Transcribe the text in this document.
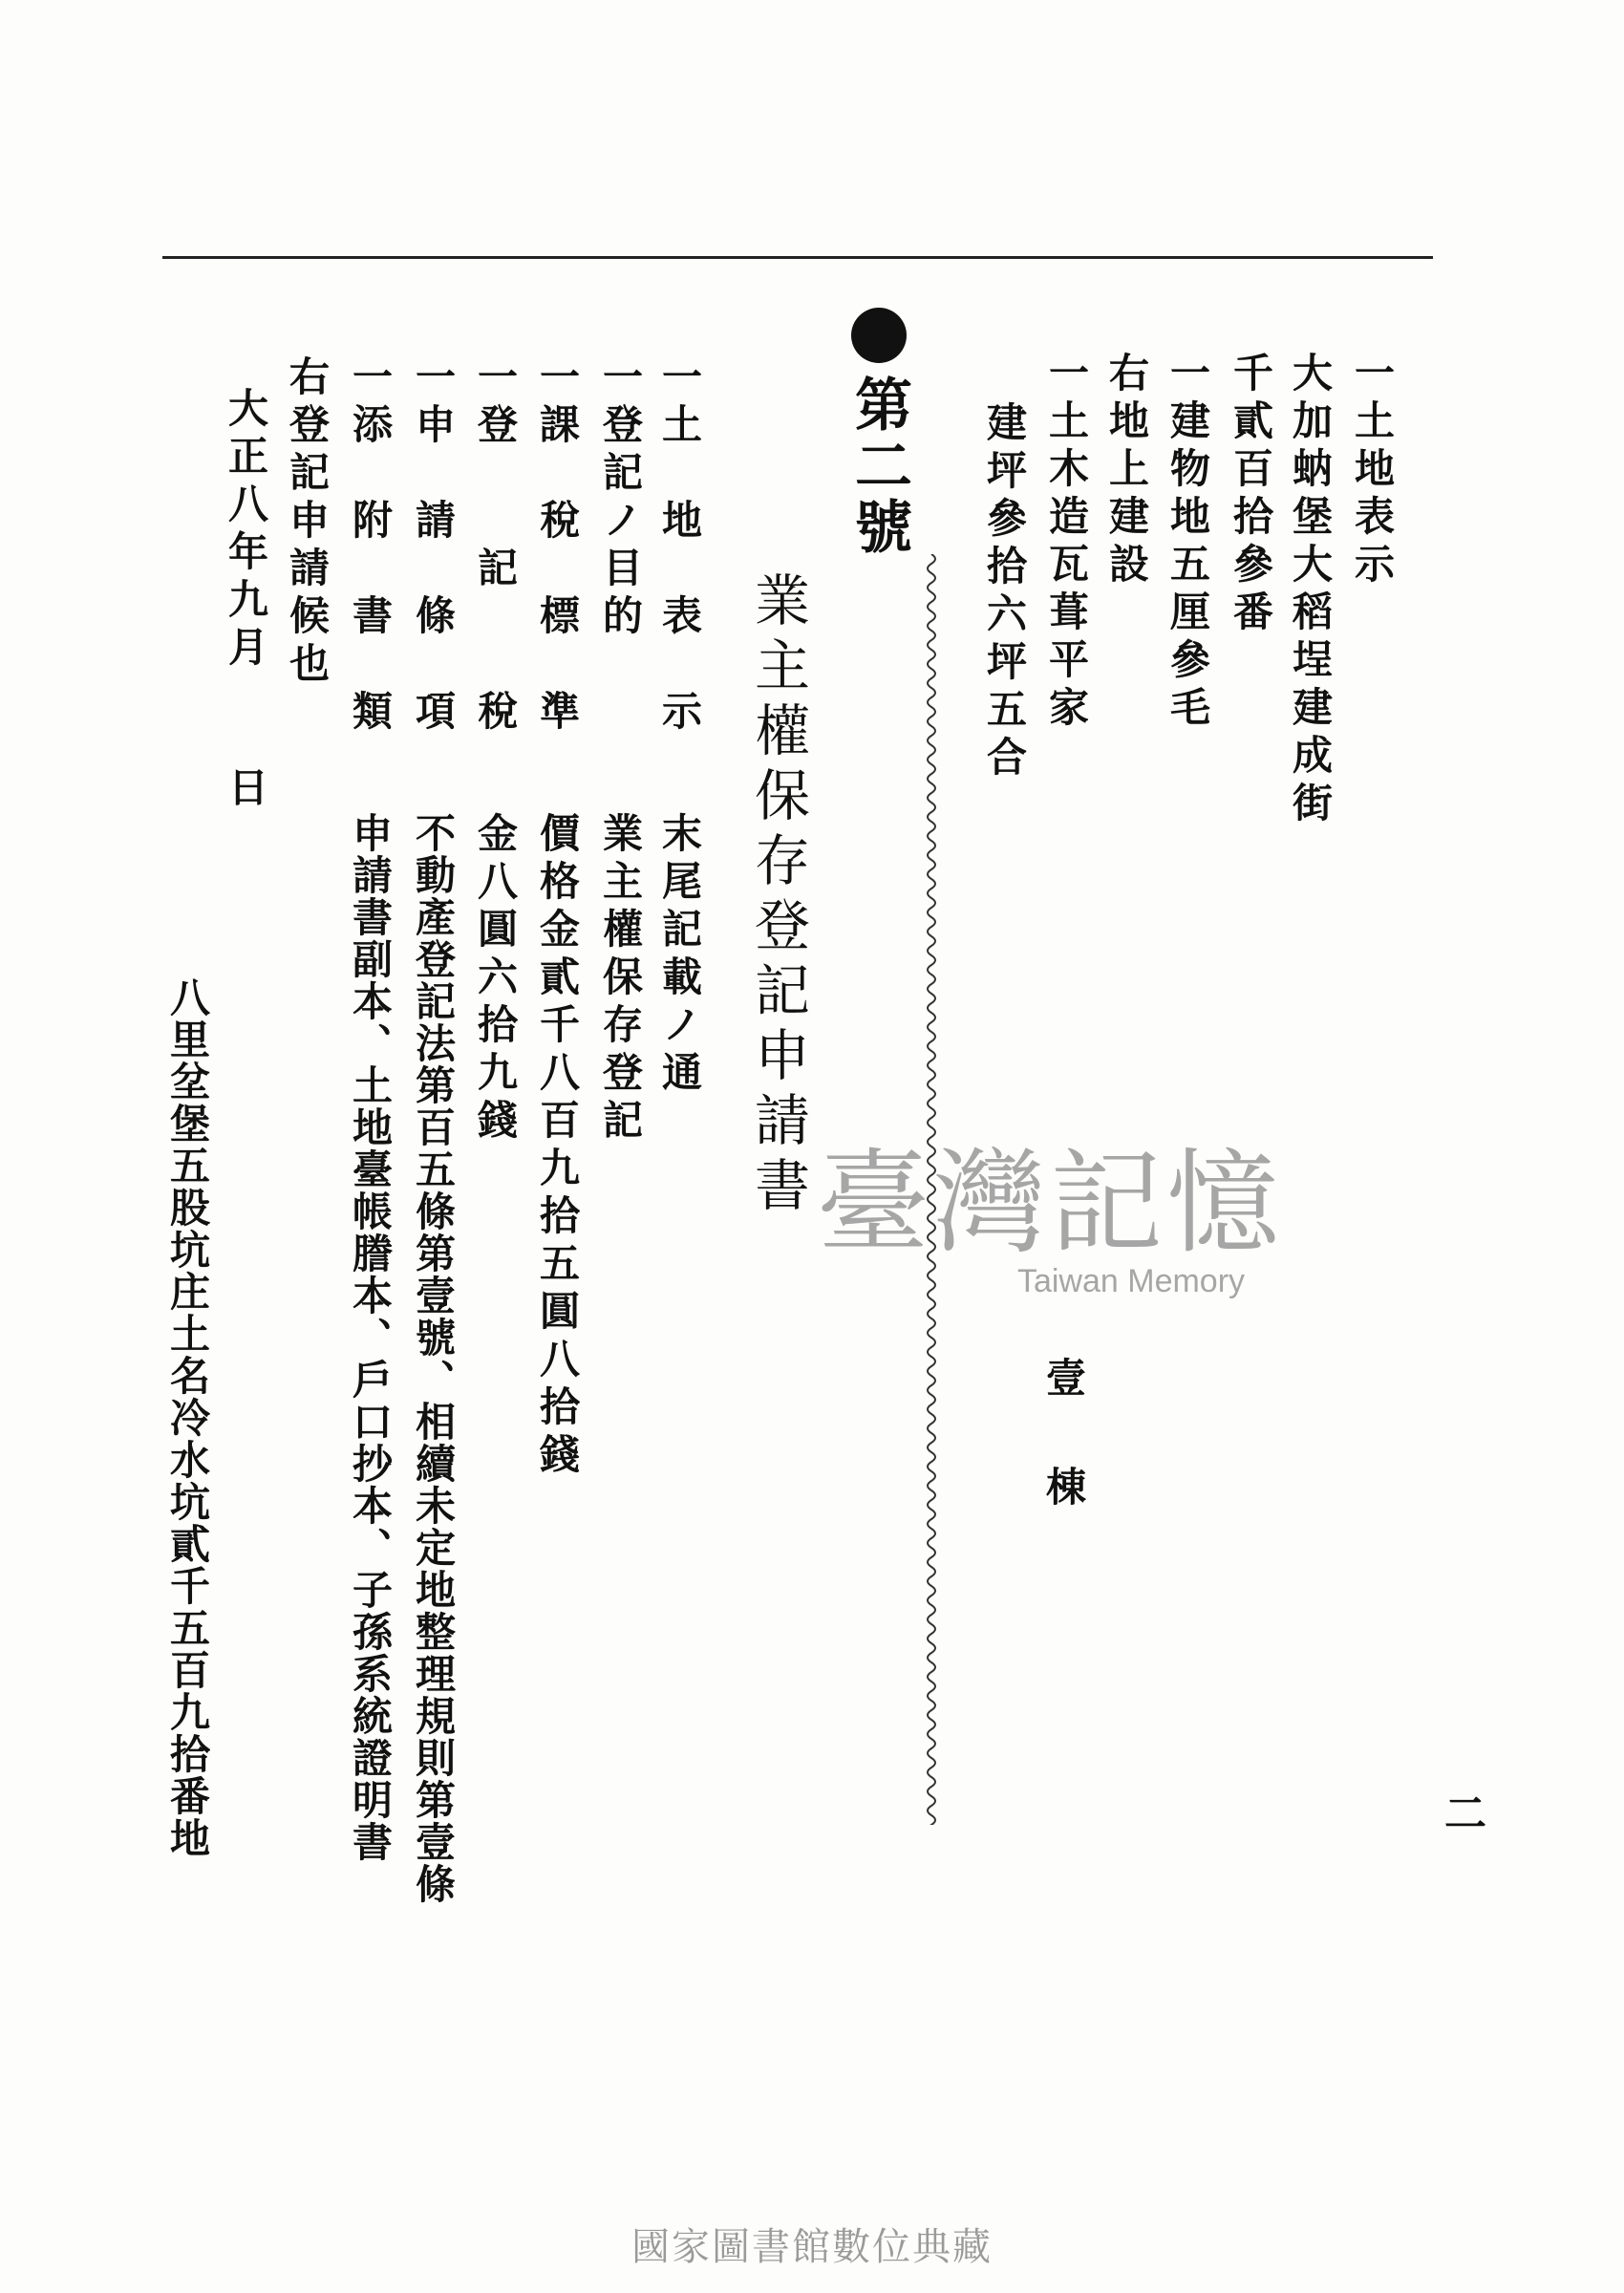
一土地表示
大加蚋堡大稻埕建成街
千貳百拾參番
一建物地五厘參毛
右地上建設
一土木造瓦葺平家
建坪參拾六坪五合
壹棟
第二號
業主權保存登記申請書
一土　地　表　示
一登記ノ目的
一課　稅　標　準
一登　　記　　稅
一申　請　條　項
一添　附　書　類
右登記申請候也
大正八年九月
日
末尾記載ノ通
業主權保存登記
價格金貳千八百九拾五圓八拾錢
金八圓六拾九錢
不動產登記法第百五條第壹號、相續未定地整理規則第壹條
申請書副本、土地臺帳謄本、戶口抄本、子孫系統證明書
八里坌堡五股坑庄土名冷水坑貳千五百九拾番地	二
臺灣記憶
Taiwan Memory
國家圖書館數位典藏
